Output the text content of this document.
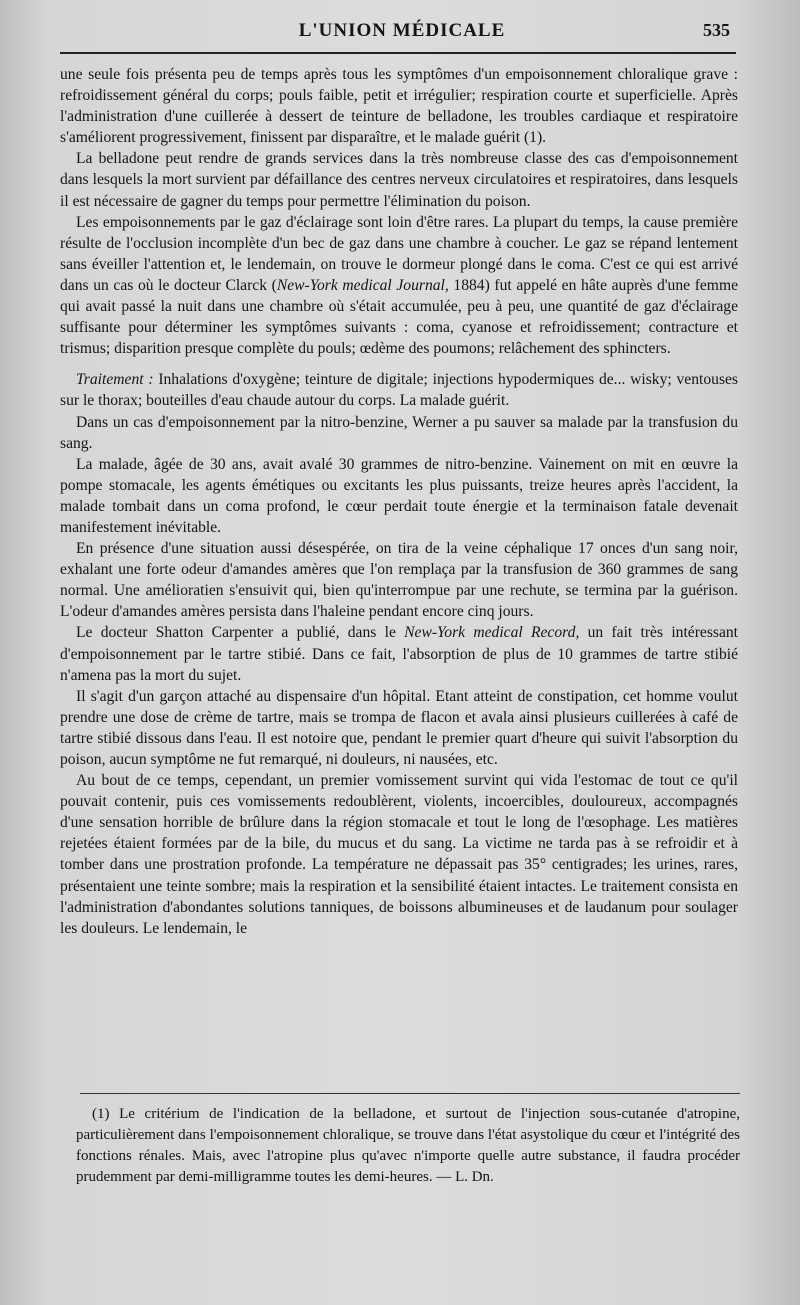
L'UNION MÉDICALE	535

une seule fois présenta peu de temps après tous les symptômes d'un empoisonnement chloralique grave : refroidissement général du corps; pouls faible, petit et irrégulier; respiration courte et superficielle. Après l'administration d'une cuillerée à dessert de teinture de belladone, les troubles cardiaque et respiratoire s'améliorent progressivement, finissent par disparaître, et le malade guérit (1).

La belladone peut rendre de grands services dans la très nombreuse classe des cas d'empoisonnement dans lesquels la mort survient par défaillance des centres nerveux circulatoires et respiratoires, dans lesquels il est nécessaire de gagner du temps pour permettre l'élimination du poison.

Les empoisonnements par le gaz d'éclairage sont loin d'être rares. La plupart du temps, la cause première résulte de l'occlusion incomplète d'un bec de gaz dans une chambre à coucher. Le gaz se répand lentement sans éveiller l'attention et, le lendemain, on trouve le dormeur plongé dans le coma. C'est ce qui est arrivé dans un cas où le docteur Clarck (New-York medical Journal, 1884) fut appelé en hâte auprès d'une femme qui avait passé la nuit dans une chambre où s'était accumulée, peu à peu, une quantité de gaz d'éclairage suffisante pour déterminer les symptômes suivants : coma, cyanose et refroidissement; contracture et trismus; disparition presque complète du pouls; œdème des poumons; relâchement des sphincters.

Traitement : Inhalations d'oxygène; teinture de digitale; injections hypodermiques de... wisky; ventouses sur le thorax; bouteilles d'eau chaude autour du corps. La malade guérit.

Dans un cas d'empoisonnement par la nitro-benzine, Werner a pu sauver sa malade par la transfusion du sang.

La malade, âgée de 30 ans, avait avalé 30 grammes de nitro-benzine. Vainement on mit en œuvre la pompe stomacale, les agents émétiques ou excitants les plus puissants, treize heures après l'accident, la malade tombait dans un coma profond, le cœur perdait toute énergie et la terminaison fatale devenait manifestement inévitable.

En présence d'une situation aussi désespérée, on tira de la veine céphalique 17 onces d'un sang noir, exhalant une forte odeur d'amandes amères que l'on remplaça par la transfusion de 360 grammes de sang normal. Une amélioratien s'ensuivit qui, bien qu'interrompue par une rechute, se termina par la guérison. L'odeur d'amandes amères persista dans l'haleine pendant encore cinq jours.

Le docteur Shatton Carpenter a publié, dans le New-York medical Record, un fait très intéressant d'empoisonnement par le tartre stibié. Dans ce fait, l'absorption de plus de 10 grammes de tartre stibié n'amena pas la mort du sujet.

Il s'agit d'un garçon attaché au dispensaire d'un hôpital. Etant atteint de constipation, cet homme voulut prendre une dose de crème de tartre, mais se trompa de flacon et avala ainsi plusieurs cuillerées à café de tartre stibié dissous dans l'eau. Il est notoire que, pendant le premier quart d'heure qui suivit l'absorption du poison, aucun symptôme ne fut remarqué, ni douleurs, ni nausées, etc.

Au bout de ce temps, cependant, un premier vomissement survint qui vida l'estomac de tout ce qu'il pouvait contenir, puis ces vomissements redoublèrent, violents, incoercibles, douloureux, accompagnés d'une sensation horrible de brûlure dans la région stomacale et tout le long de l'œsophage. Les matières rejetées étaient formées par de la bile, du mucus et du sang. La victime ne tarda pas à se refroidir et à tomber dans une prostration profonde. La température ne dépassait pas 35° centigrades; les urines, rares, présentaient une teinte sombre; mais la respiration et la sensibilité étaient intactes. Le traitement consista en l'administration d'abondantes solutions tanniques, de boissons albumineuses et de laudanum pour soulager les douleurs. Le lendemain, le

(1) Le critérium de l'indication de la belladone, et surtout de l'injection sous-cutanée d'atropine, particulièrement dans l'empoisonnement chloralique, se trouve dans l'état asystolique du cœur et l'intégrité des fonctions rénales. Mais, avec l'atropine plus qu'avec n'importe quelle autre substance, il faudra procéder prudemment par demi-milligramme toutes les demi-heures. — L. Dn.
